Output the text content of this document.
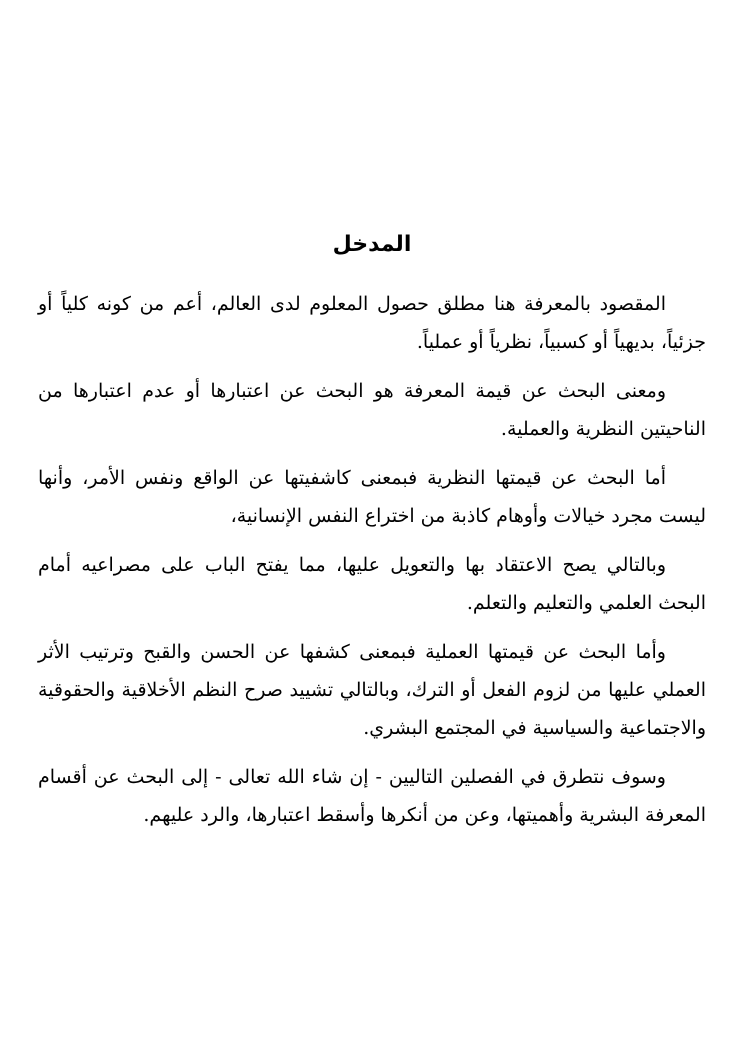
المدخل

المقصود بالمعرفة هنا مطلق حصول المعلوم لدى العالم، أعم من كونه كلياً أو جزئياً، بديهياً أو كسبياً، نظرياً أو عملياً.

ومعنى البحث عن قيمة المعرفة هو البحث عن اعتبارها أو عدم اعتبارها من الناحيتين النظرية والعملية.

أما البحث عن قيمتها النظرية فبمعنى كاشفيتها عن الواقع ونفس الأمر، وأنها ليست مجرد خيالات وأوهام كاذبة من اختراع النفس الإنسانية،

وبالتالي يصح الاعتقاد بها والتعويل عليها، مما يفتح الباب على مصراعيه أمام البحث العلمي والتعليم والتعلم.

وأما البحث عن قيمتها العملية فبمعنى كشفها عن الحسن والقبح وترتيب الأثر العملي عليها من لزوم الفعل أو الترك، وبالتالي تشييد صرح النظم الأخلاقية والحقوقية والاجتماعية والسياسية في المجتمع البشري.

وسوف نتطرق في الفصلين التاليين - إن شاء الله تعالى - إلى البحث عن أقسام المعرفة البشرية وأهميتها، وعن من أنكرها وأسقط اعتبارها، والرد عليهم.
